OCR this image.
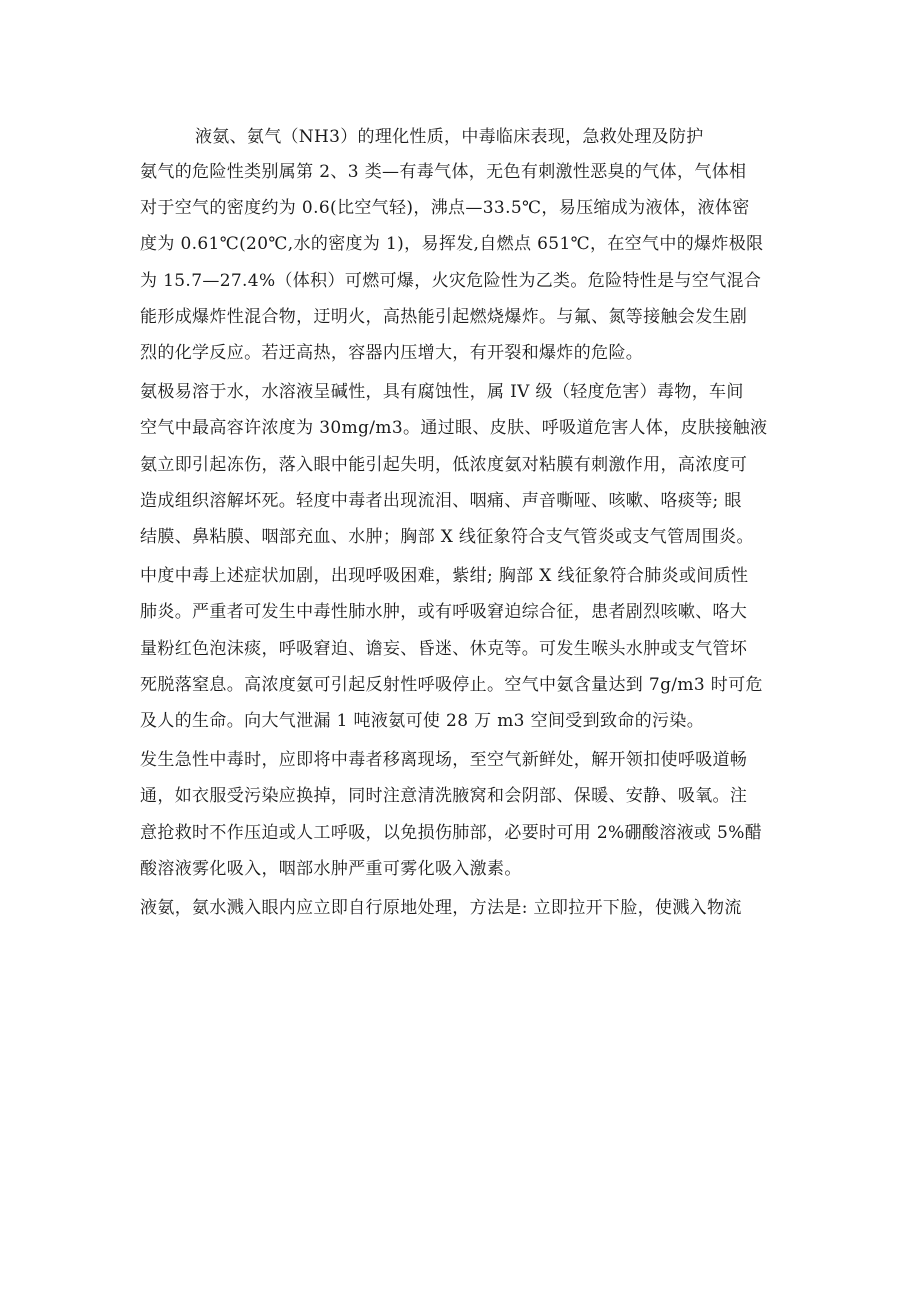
液氨、氨气（NH3）的理化性质，中毒临床表现，急救处理及防护
氨气的危险性类别属第 2、3 类—有毒气体，无色有刺激性恶臭的气体，气体相
对于空气的密度约为 0.6(比空气轻)，沸点—33.5℃，易压缩成为液体，液体密
度为 0.61℃(20℃,水的密度为 1)，易挥发,自燃点 651℃，在空气中的爆炸极限
为 15.7—27.4%（体积）可燃可爆，火灾危险性为乙类。危险特性是与空气混合
能形成爆炸性混合物，迂明火，高热能引起燃烧爆炸。与氟、氮等接触会发生剧
烈的化学反应。若迂高热，容器内压增大，有开裂和爆炸的危险。
氨极易溶于水，水溶液呈碱性，具有腐蚀性，属 IV 级（轻度危害）毒物，车间
空气中最高容许浓度为 30mg/m3。通过眼、皮肤、呼吸道危害人体，皮肤接触液
氨立即引起冻伤，落入眼中能引起失明，低浓度氨对粘膜有刺激作用，高浓度可
造成组织溶解坏死。轻度中毒者出现流泪、咽痛、声音嘶哑、咳嗽、咯痰等; 眼
结膜、鼻粘膜、咽部充血、水肿；胸部 X 线征象符合支气管炎或支气管周围炎。
中度中毒上述症状加剧，出现呼吸困难，紫绀; 胸部 X 线征象符合肺炎或间质性
肺炎。严重者可发生中毒性肺水肿，或有呼吸窘迫综合征，患者剧烈咳嗽、咯大
量粉红色泡沫痰，呼吸窘迫、谵妄、昏迷、休克等。可发生喉头水肿或支气管坏
死脱落窒息。高浓度氨可引起反射性呼吸停止。空气中氨含量达到 7g/m3 时可危
及人的生命。向大气泄漏 1 吨液氨可使 28 万 m3 空间受到致命的污染。
发生急性中毒时，应即将中毒者移离现场，至空气新鲜处，解开领扣使呼吸道畅
通，如衣服受污染应换掉，同时注意清洗腋窝和会阴部、保暖、安静、吸氧。注
意抢救时不作压迫或人工呼吸，以免损伤肺部，必要时可用 2%硼酸溶液或 5%醋
酸溶液雾化吸入，咽部水肿严重可雾化吸入激素。
液氨，氨水溅入眼内应立即自行原地处理，方法是: 立即拉开下脸，使溅入物流
